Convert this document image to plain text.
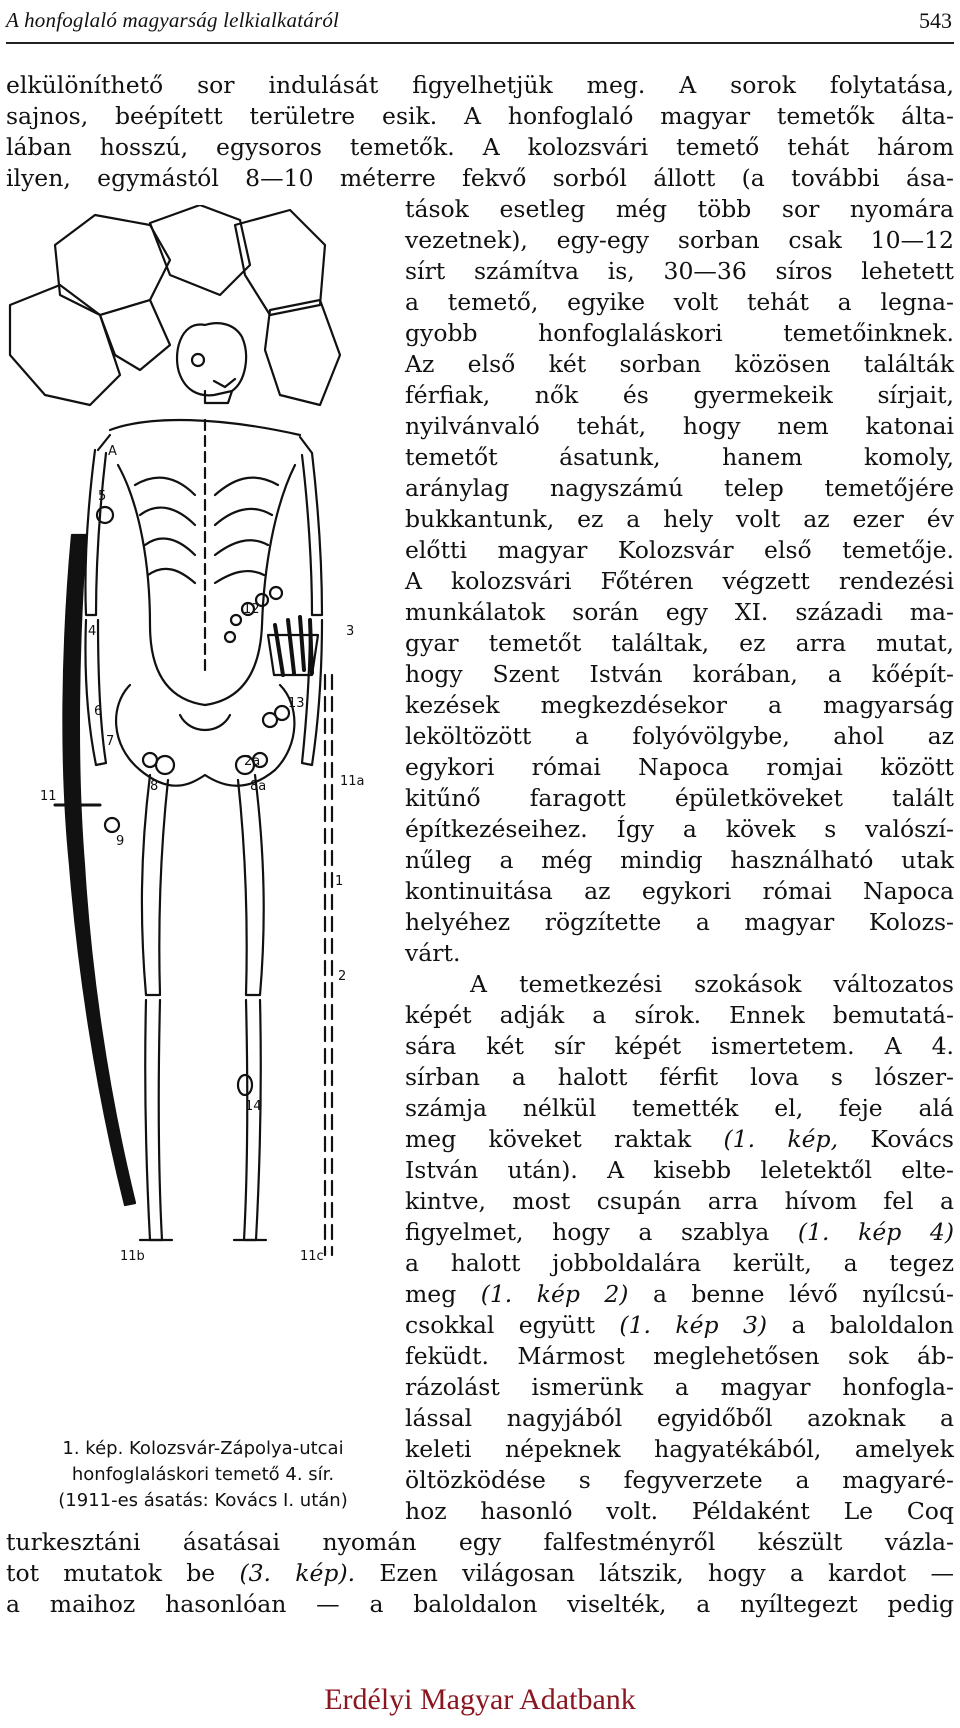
A honfoglaló magyarság lelkialkatáról	543
elkülöníthető sor indulását figyelhetjük meg. A sorok folytatása,
sajnos, beépített területre esik. A honfoglaló magyar temetők álta-
lában hosszú, egysoros temetők. A kolozsvári temető tehát három
ilyen, egymástól 8—10 méterre fekvő sorból állott (a további ása-
tások esetleg még több sor nyomára
vezetnek), egy-egy sorban csak 10—12
sírt számítva is, 30—36 síros lehetett
a temető, egyike volt tehát a legna-
gyobb honfoglaláskori temetőinknek.
Az első két sorban közösen találták
férfiak, nők és gyermekeik sírjait,
nyilvánvaló tehát, hogy nem katonai
temetőt ásatunk, hanem komoly,
aránylag nagyszámú telep temetőjére
bukkantunk, ez a hely volt az ezer év
előtti magyar Kolozsvár első temetője.
A kolozsvári Főtéren végzett rendezési
munkálatok során egy XI. századi ma-
gyar temetőt találtak, ez arra mutat,
hogy Szent István korában, a kőépít-
kezések megkezdésekor a magyarság
leköltözött a folyóvölgybe, ahol az
egykori római Napoca romjai között
kitűnő faragott épületköveket talált
építkezéseihez. Így a kövek s valószí-
nűleg a még mindig használható utak
kontinuitása az egykori római Napoca
helyéhez rögzítette a magyar Kolozs-
várt.
A temetkezési szokások változatos
képét adják a sírok. Ennek bemutatá-
sára két sír képét ismertetem. A 4.
sírban a halott férfit lova s lószer-
számja nélkül temették el, feje alá
meg köveket raktak (1. kép, Kovács
István után). A kisebb leletektől elte-
kintve, most csupán arra hívom fel a
figyelmet, hogy a szablya (1. kép 4)
a halott jobboldalára került, a tegez
meg (1. kép 2) a benne lévő nyílcsú-
csokkal együtt (1. kép 3) a baloldalon
feküdt. Mármost meglehetősen sok áb-
rázolást ismerünk a magyar honfogla-
lással nagyjából egyidőből azoknak a
keleti népeknek hagyatékából, amelyek
öltözködése s fegyverzete a magyaré-
hoz hasonló volt. Példaként Le Coq
turkesztáni ásatásai nyomán egy falfestményről készült vázla-
tot mutatok be (3. kép). Ezen világosan látszik, hogy a kardot —
a maihoz hasonlóan — a baloldalon viselték, a nyíltegezt pedig
1
2
2a
3
4
5
6
7
8	8a
9
11
11a
11b	11c
12
13
14
A
1. kép. Kolozsvár-Zápolya-utcai
honfoglaláskori temető 4. sír.
(1911-es ásatás: Kovács I. után)
Erdélyi Magyar Adatbank
